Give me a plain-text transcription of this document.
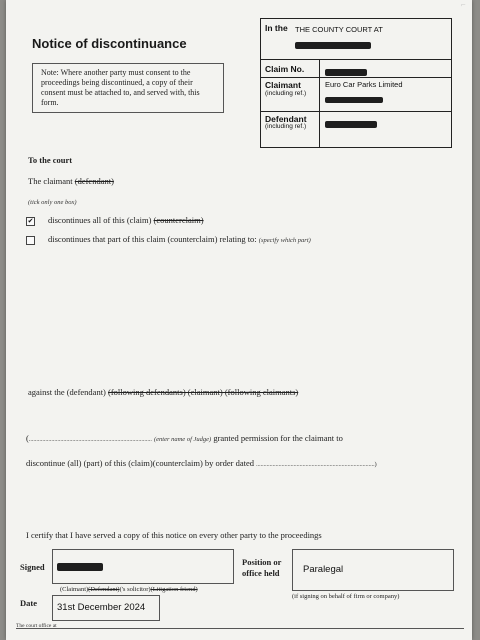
Notice of discontinuance
Note: Where another party must consent to the proceedings being discontinued, a copy of their consent must be attached to, and served with, this form.
In the THE COUNTY COURT AT
Claim No.
Claimant
(including ref.)
Euro Car Parks Limited
Defendant
(including ref.)
To the court
The claimant (defendant)
(tick only one box)
✔ discontinues all of this (claim) (counterclaim)
discontinues that part of this claim (counterclaim) relating to: (specify which part)
against the (defendant) (following defendants) (claimant) (following claimants)
(.................................................................................. (enter name of Judge) granted permission for the claimant to
discontinue (all) (part) of this (claim)(counterclaim) by order dated ...............................................................................)
I certify that I have served a copy of this notice on every other party to the proceedings
Signed
(Claimant)(Defendant)('s solicitor)(Litigation friend)
Position or
office held Paralegal
(if signing on behalf of firm or company)
Date 31st December 2024
The court office at
⌐
